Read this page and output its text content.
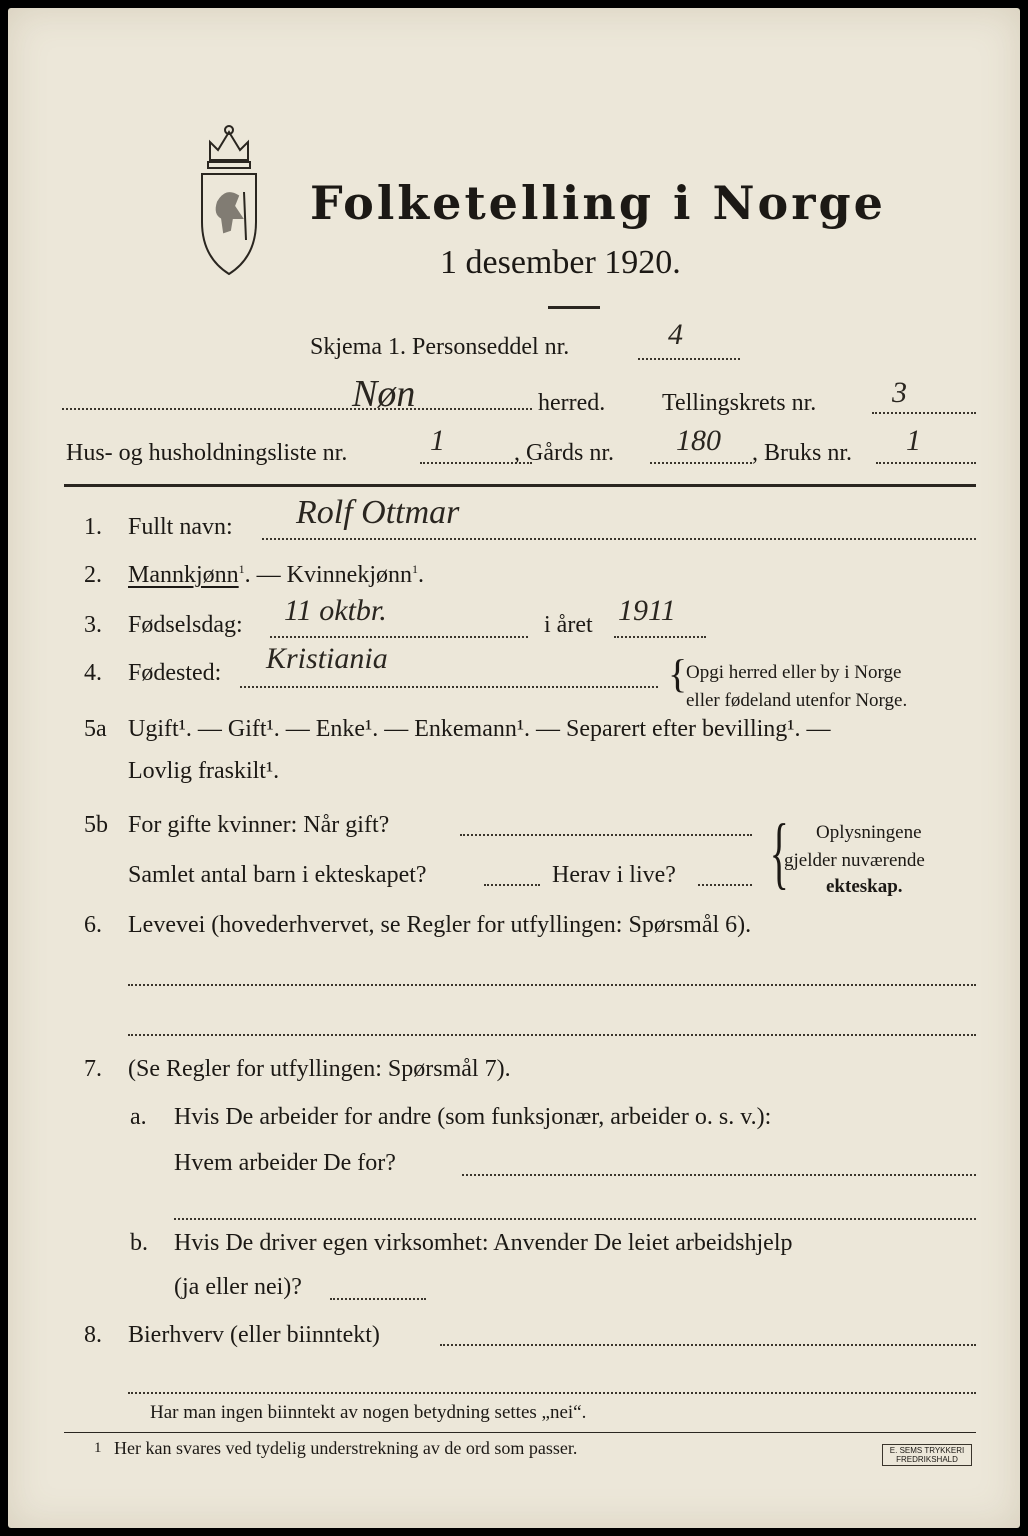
Folketelling i Norge
1 desember 1920.
Skjema 1. Personseddel nr.	4
Nøn	herred. Tellingskrets nr.	3
Hus- og husholdningsliste nr.	1	, Gårds nr. 180 , Bruks nr. 1
1. Fullt navn: Rolf Ottmar
2. Mannkjønn$^1$. — Kvinnekjønn$^1$.
3. Fødselsdag: 11 oktbr.	i året 1911
4. Fødested: Kristiania	{
Opgi herred eller by i Norge
eller fødeland utenfor Norge.
5a Ugift¹. — Gift¹. — Enke¹. — Enkemann¹. — Separert efter bevilling¹. —
Lovlig fraskilt¹.
5b For gifte kvinner: Når gift?
Samlet antal barn i ekteskapet?	Herav i live? { Oplysningene
gjelder nuværende
ekteskap.
6. Levevei (hovederhvervet, se Regler for utfyllingen: Spørsmål 6).
7. (Se Regler for utfyllingen: Spørsmål 7).
a. Hvis De arbeider for andre (som funksjonær, arbeider o. s. v.):
Hvem arbeider De for?
b. Hvis De driver egen virksomhet: Anvender De leiet arbeidshjelp
(ja eller nei)?
8. Bierhverv (eller biinntekt)
Har man ingen biinntekt av nogen betydning settes „nei“.
1 Her kan svares ved tydelig understrekning av de ord som passer.	E. SEMS TRYKKERI
FREDRIKSHALD
